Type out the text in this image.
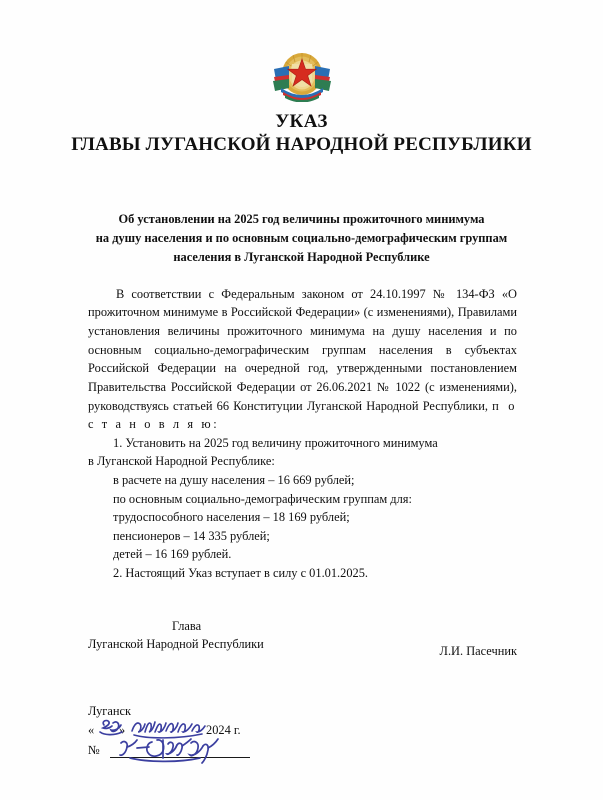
УКАЗ
ГЛАВЫ ЛУГАНСКОЙ НАРОДНОЙ РЕСПУБЛИКИ
Об установлении на 2025 год величины прожиточного минимума
на душу населения и по основным социально-демографическим группам
населения в Луганской Народной Республике

В соответствии с Федеральным законом от 24.10.1997 № 134-ФЗ «О прожиточном минимуме в Российской Федерации» (с изменениями), Правилами установления величины прожиточного минимума на душу населения и по основным социально-демографическим группам населения в субъектах Российской Федерации на очередной год, утвержденными постановлением Правительства Российской Федерации от 26.06.2021 № 1022 (с изменениями), руководствуясь статьей 66 Конституции Луганской Народной Республики, п о с т а н о в л я ю:

1. Установить на 2025 год величину прожиточного минимума

в Луганской Народной Республике:

в расчете на душу населения – 16 669 рублей;

по основным социально-демографическим группам для:

трудоспособного населения – 18 169 рублей;

пенсионеров – 14 335 рублей;

детей – 16 169 рублей.

2. Настоящий Указ вступает в силу с 01.01.2025.

Глава
Луганской Народной Республики	Л.И. Пасечник
Луганск
« »	2024 г.
№
